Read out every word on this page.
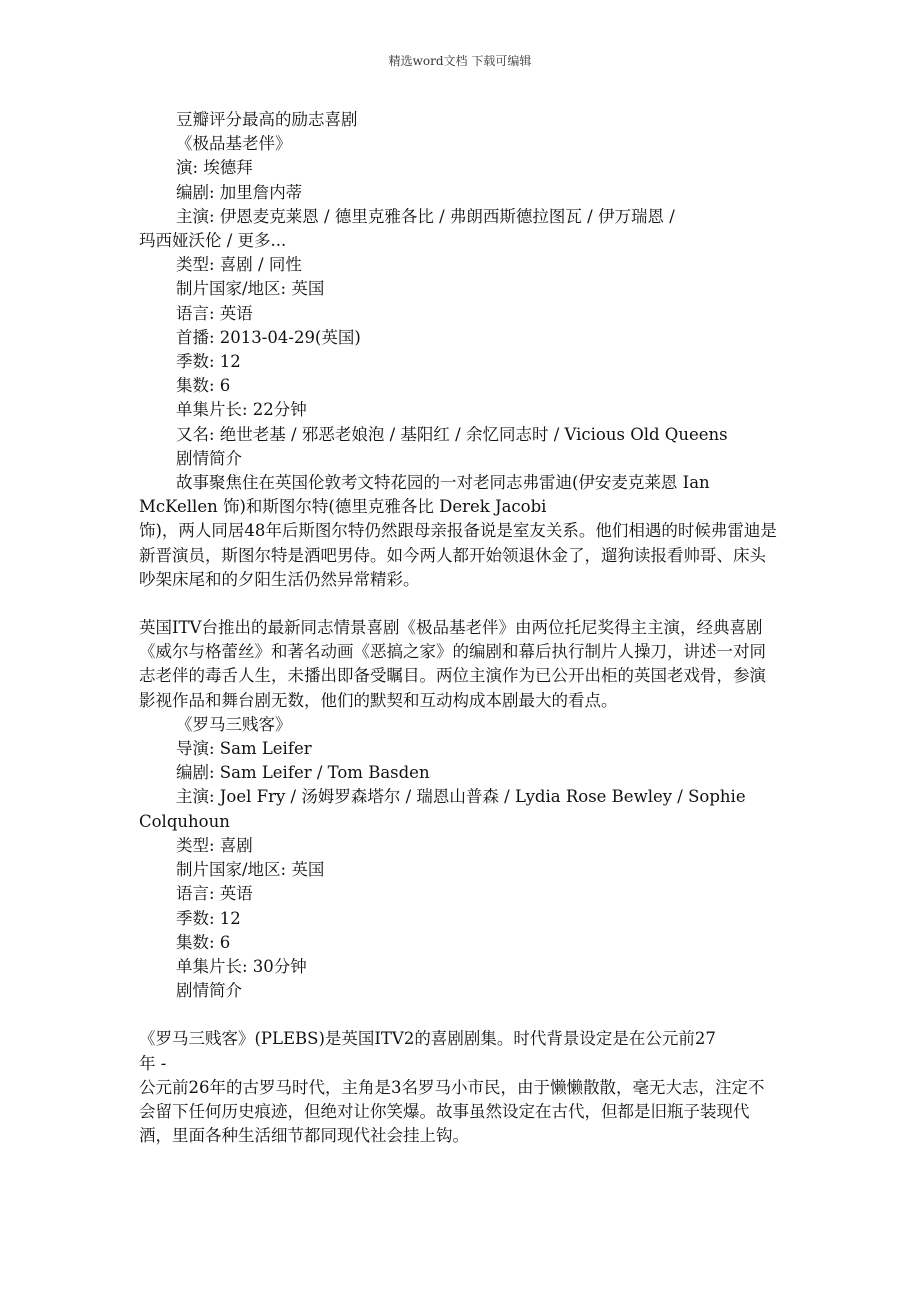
精选word文档 下载可编辑
豆瓣评分最高的励志喜剧
《极品基老伴》
演: 埃德拜
编剧: 加里詹内蒂
主演: 伊恩麦克莱恩 / 德里克雅各比 / 弗朗西斯德拉图瓦 / 伊万瑞恩 /
玛西娅沃伦 / 更多...
类型: 喜剧 / 同性
制片国家/地区: 英国
语言: 英语
首播: 2013-04-29(英国)
季数: 12
集数: 6
单集片长: 22分钟
又名: 绝世老基 / 邪恶老娘泡 / 基阳红 / 余忆同志时 / Vicious Old Queens
剧情简介
故事聚焦住在英国伦敦考文特花园的一对老同志弗雷迪(伊安麦克莱恩 Ian
McKellen 饰)和斯图尔特(德里克雅各比 Derek Jacobi
饰)，两人同居48年后斯图尔特仍然跟母亲报备说是室友关系。他们相遇的时候弗雷迪是新晋演员，斯图尔特是酒吧男侍。如今两人都开始领退休金了，遛狗读报看帅哥、床头吵架床尾和的夕阳生活仍然异常精彩。
英国ITV台推出的最新同志情景喜剧《极品基老伴》由两位托尼奖得主主演，经典喜剧《威尔与格蕾丝》和著名动画《恶搞之家》的编剧和幕后执行制片人操刀，讲述一对同志老伴的毒舌人生，未播出即备受瞩目。两位主演作为已公开出柜的英国老戏骨，参演影视作品和舞台剧无数，他们的默契和互动构成本剧最大的看点。
《罗马三贱客》
导演: Sam Leifer
编剧: Sam Leifer / Tom Basden
主演: Joel Fry / 汤姆罗森塔尔 / 瑞恩山普森 / Lydia Rose Bewley / Sophie
Colquhoun
类型: 喜剧
制片国家/地区: 英国
语言: 英语
季数: 12
集数: 6
单集片长: 30分钟
剧情简介
《罗马三贱客》(PLEBS)是英国ITV2的喜剧剧集。时代背景设定是在公元前27
年 -
公元前26年的古罗马时代，主角是3名罗马小市民，由于懒懒散散，毫无大志，注定不会留下任何历史痕迹，但绝对让你笑爆。故事虽然设定在古代，但都是旧瓶子装现代酒，里面各种生活细节都同现代社会挂上钩。
